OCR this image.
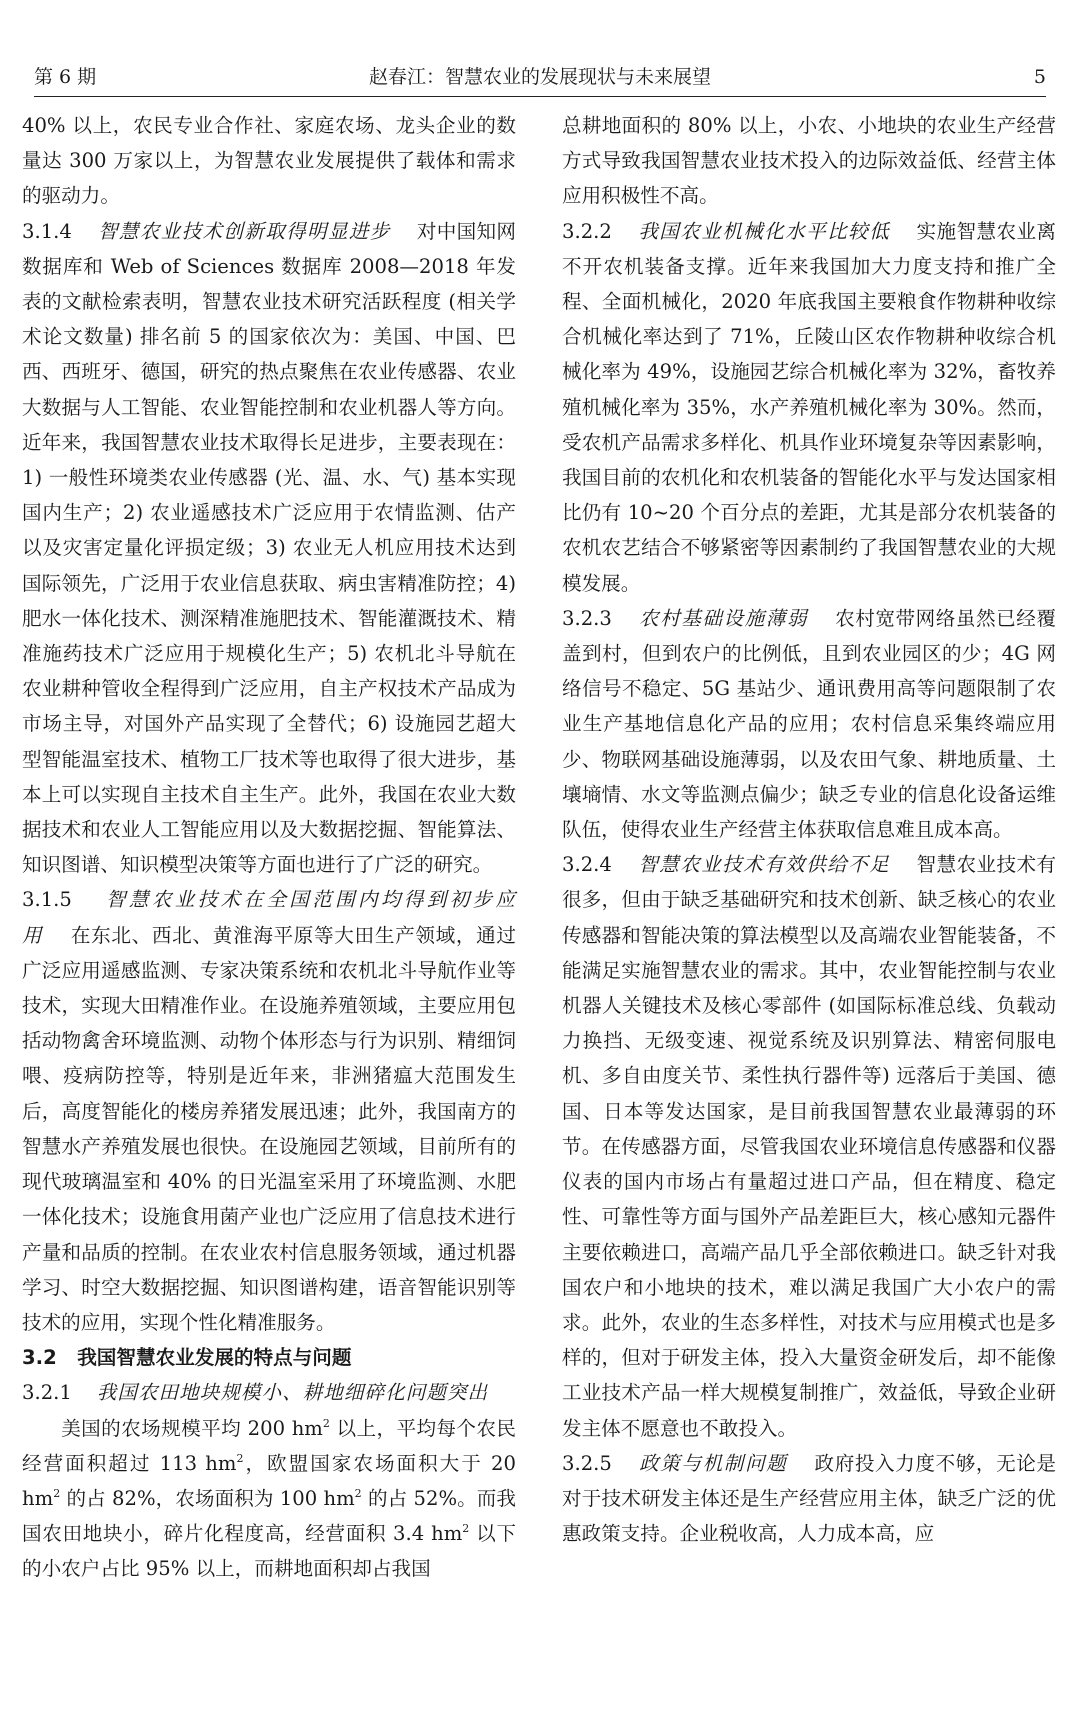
第 6 期	赵春江：智慧农业的发展现状与未来展望	5

40% 以上，农民专业合作社、家庭农场、龙头企业的数量达 300 万家以上，为智慧农业发展提供了载体和需求的驱动力。

3.1.4 智慧农业技术创新取得明显进步 对中国知网数据库和 Web of Sciences 数据库 2008—2018 年发表的文献检索表明，智慧农业技术研究活跃程度 (相关学术论文数量) 排名前 5 的国家依次为：美国、中国、巴西、西班牙、德国，研究的热点聚焦在农业传感器、农业大数据与人工智能、农业智能控制和农业机器人等方向。近年来，我国智慧农业技术取得长足进步，主要表现在：1) 一般性环境类农业传感器 (光、温、水、气) 基本实现国内生产；2) 农业遥感技术广泛应用于农情监测、估产以及灾害定量化评损定级；3) 农业无人机应用技术达到国际领先，广泛用于农业信息获取、病虫害精准防控；4) 肥水一体化技术、测深精准施肥技术、智能灌溉技术、精准施药技术广泛应用于规模化生产；5) 农机北斗导航在农业耕种管收全程得到广泛应用，自主产权技术产品成为市场主导，对国外产品实现了全替代；6) 设施园艺超大型智能温室技术、植物工厂技术等也取得了很大进步，基本上可以实现自主技术自主生产。此外，我国在农业大数据技术和农业人工智能应用以及大数据挖掘、智能算法、知识图谱、知识模型决策等方面也进行了广泛的研究。

3.1.5 智慧农业技术在全国范围内均得到初步应用 在东北、西北、黄淮海平原等大田生产领域，通过广泛应用遥感监测、专家决策系统和农机北斗导航作业等技术，实现大田精准作业。在设施养殖领域，主要应用包括动物禽舍环境监测、动物个体形态与行为识别、精细饲喂、疫病防控等，特别是近年来，非洲猪瘟大范围发生后，高度智能化的楼房养猪发展迅速；此外，我国南方的智慧水产养殖发展也很快。在设施园艺领域，目前所有的现代玻璃温室和 40% 的日光温室采用了环境监测、水肥一体化技术；设施食用菌产业也广泛应用了信息技术进行产量和品质的控制。在农业农村信息服务领域，通过机器学习、时空大数据挖掘、知识图谱构建，语音智能识别等技术的应用，实现个性化精准服务。

3.2 我国智慧农业发展的特点与问题

3.2.1 我国农田地块规模小、耕地细碎化问题突出

美国的农场规模平均 200 $hm^2$ 以上，平均每个农民经营面积超过 113 $hm^2$，欧盟国家农场面积大于 20 $hm^2$ 的占 82%，农场面积为 100 $hm^2$ 的占 52%。而我国农田地块小，碎片化程度高，经营面积 3.4 $hm^2$ 以下的小农户占比 95% 以上，而耕地面积却占我国

总耕地面积的 80% 以上，小农、小地块的农业生产经营方式导致我国智慧农业技术投入的边际效益低、经营主体应用积极性不高。

3.2.2 我国农业机械化水平比较低 实施智慧农业离不开农机装备支撑。近年来我国加大力度支持和推广全程、全面机械化，2020 年底我国主要粮食作物耕种收综合机械化率达到了 71%，丘陵山区农作物耕种收综合机械化率为 49%，设施园艺综合机械化率为 32%，畜牧养殖机械化率为 35%，水产养殖机械化率为 30%。然而，受农机产品需求多样化、机具作业环境复杂等因素影响，我国目前的农机化和农机装备的智能化水平与发达国家相比仍有 10~20 个百分点的差距，尤其是部分农机装备的农机农艺结合不够紧密等因素制约了我国智慧农业的大规模发展。

3.2.3 农村基础设施薄弱 农村宽带网络虽然已经覆盖到村，但到农户的比例低，且到农业园区的少；4G 网络信号不稳定、5G 基站少、通讯费用高等问题限制了农业生产基地信息化产品的应用；农村信息采集终端应用少、物联网基础设施薄弱，以及农田气象、耕地质量、土壤墒情、水文等监测点偏少；缺乏专业的信息化设备运维队伍，使得农业生产经营主体获取信息难且成本高。

3.2.4 智慧农业技术有效供给不足 智慧农业技术有很多，但由于缺乏基础研究和技术创新、缺乏核心的农业传感器和智能决策的算法模型以及高端农业智能装备，不能满足实施智慧农业的需求。其中，农业智能控制与农业机器人关键技术及核心零部件 (如国际标准总线、负载动力换挡、无级变速、视觉系统及识别算法、精密伺服电机、多自由度关节、柔性执行器件等) 远落后于美国、德国、日本等发达国家，是目前我国智慧农业最薄弱的环节。在传感器方面，尽管我国农业环境信息传感器和仪器仪表的国内市场占有量超过进口产品，但在精度、稳定性、可靠性等方面与国外产品差距巨大，核心感知元器件主要依赖进口，高端产品几乎全部依赖进口。缺乏针对我国农户和小地块的技术，难以满足我国广大小农户的需求。此外，农业的生态多样性，对技术与应用模式也是多样的，但对于研发主体，投入大量资金研发后，却不能像工业技术产品一样大规模复制推广，效益低，导致企业研发主体不愿意也不敢投入。

3.2.5 政策与机制问题 政府投入力度不够，无论是对于技术研发主体还是生产经营应用主体，缺乏广泛的优惠政策支持。企业税收高，人力成本高，应
